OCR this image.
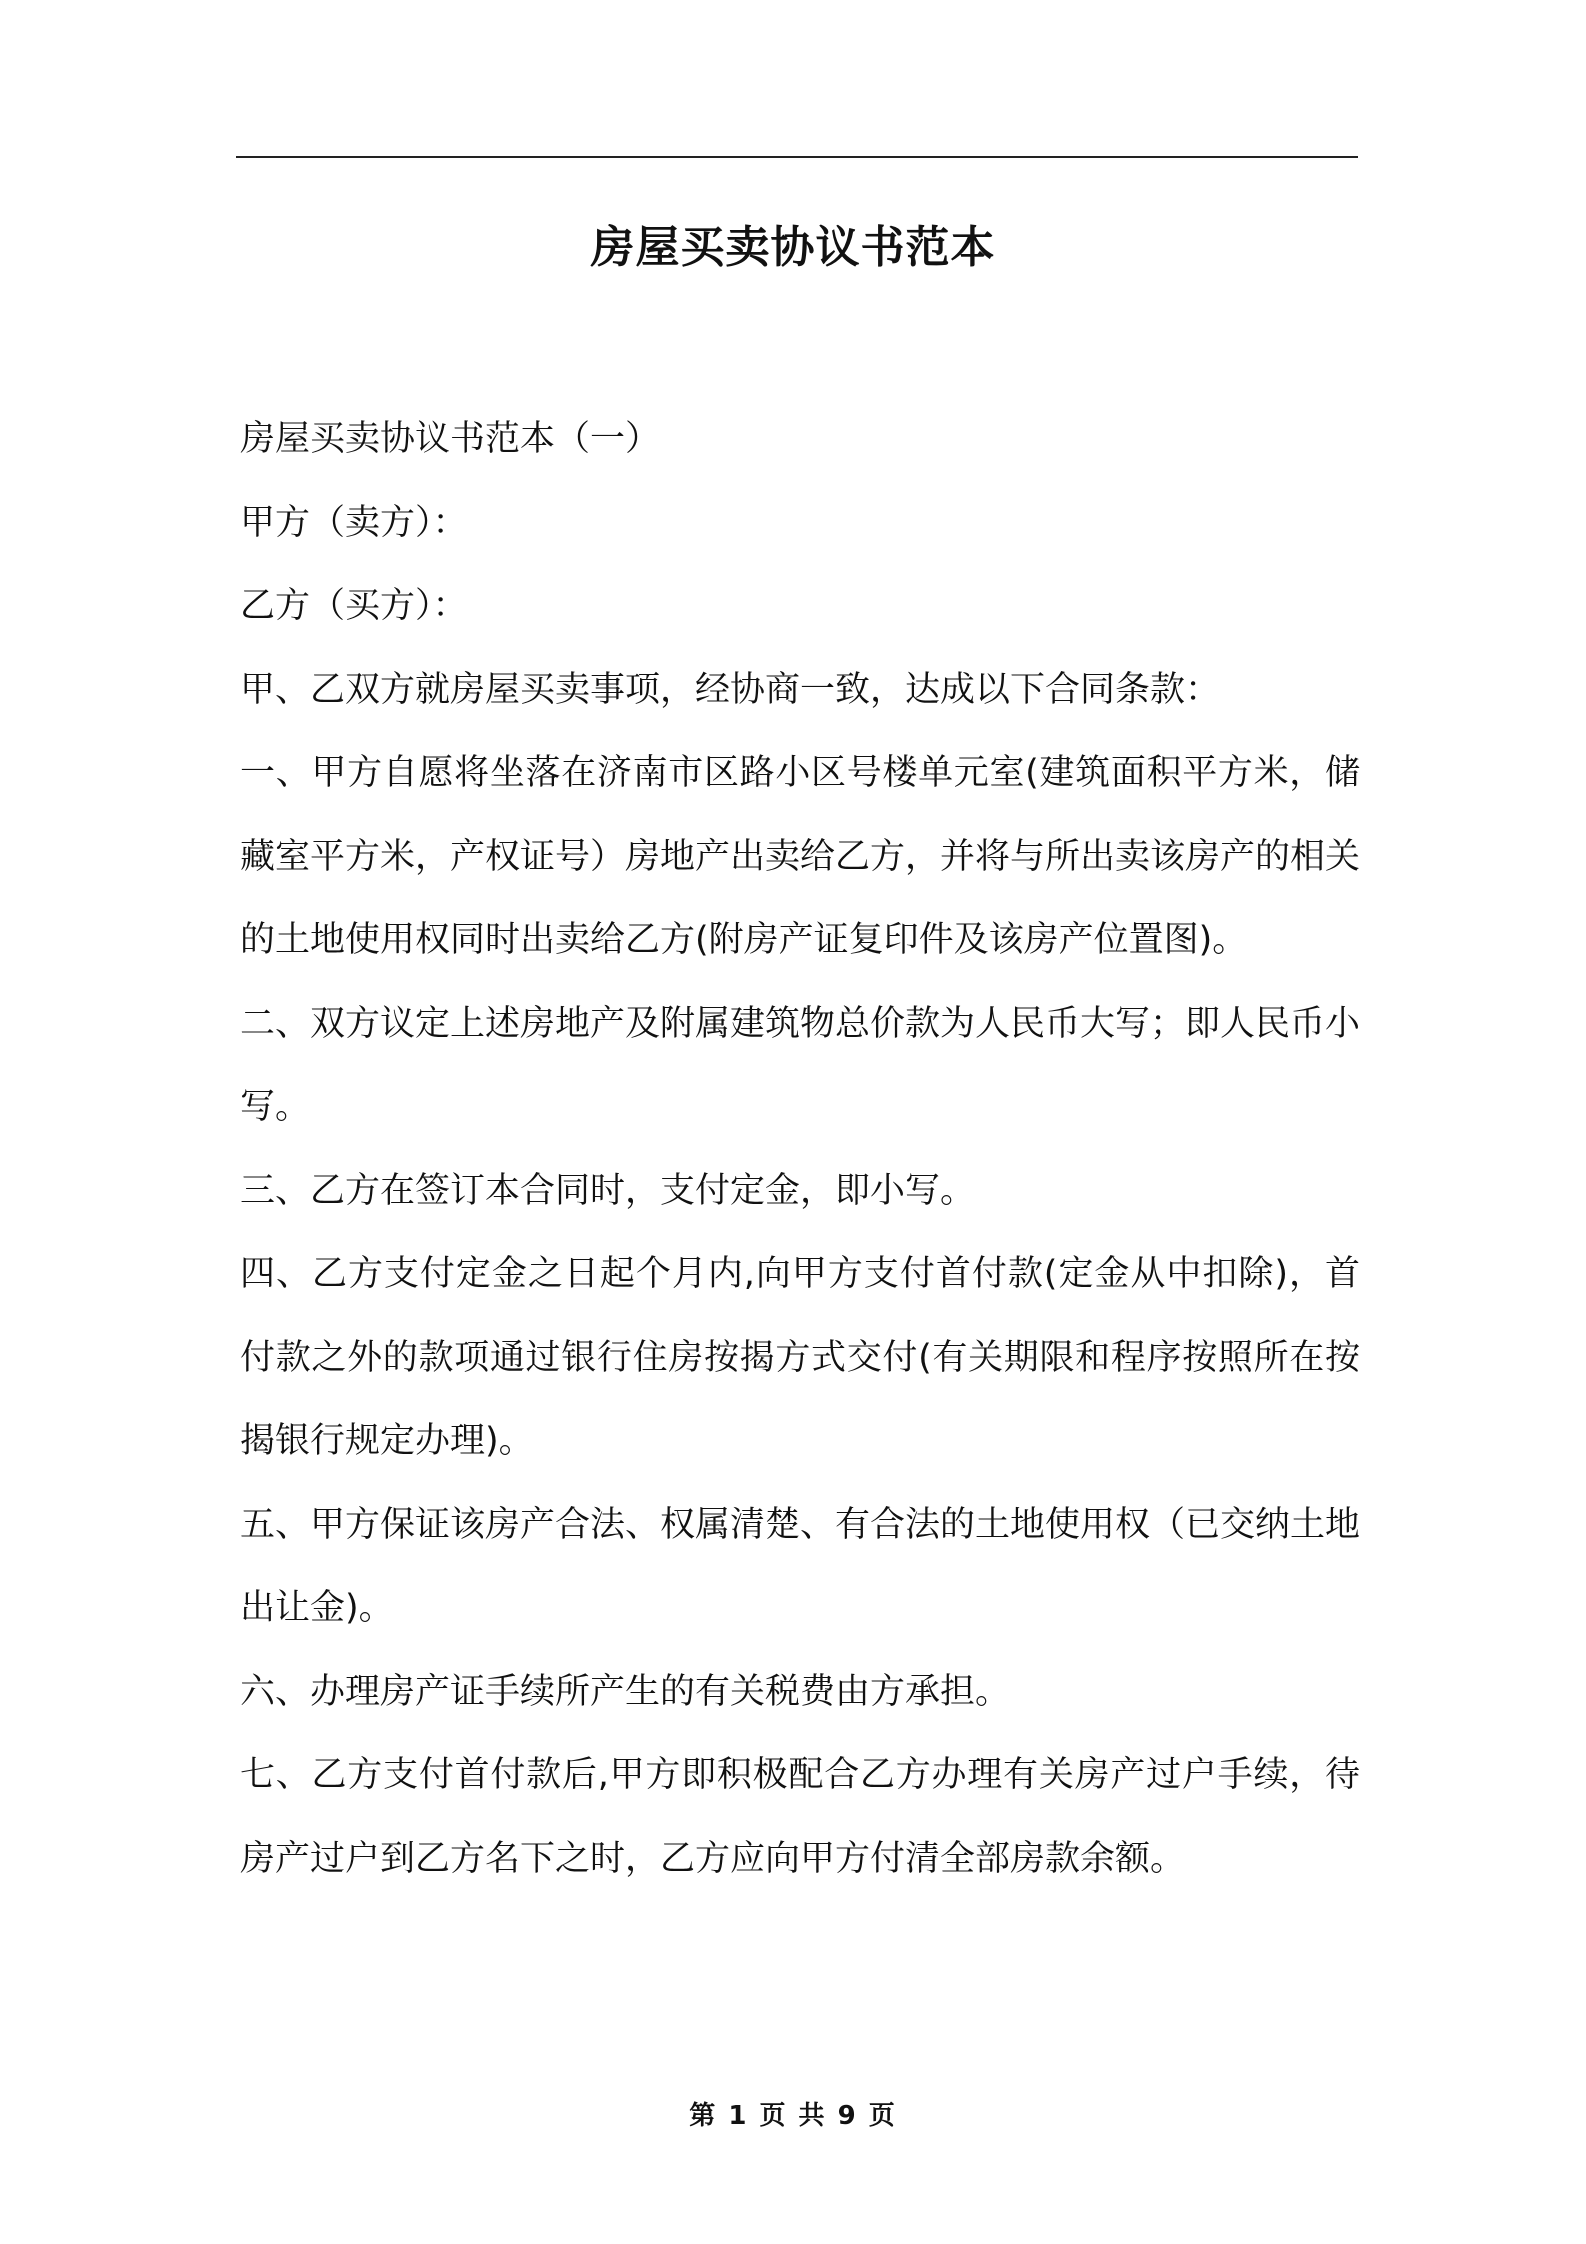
房屋买卖协议书范本

房屋买卖协议书范本（一）

甲方（卖方）：

乙方（买方）：

甲、乙双方就房屋买卖事项，经协商一致，达成以下合同条款：

一、甲方自愿将坐落在济南市区路小区号楼单元室(建筑面积平方米，储藏室平方米，产权证号）房地产出卖给乙方，并将与所出卖该房产的相关的土地使用权同时出卖给乙方(附房产证复印件及该房产位置图)。

二、双方议定上述房地产及附属建筑物总价款为人民币大写；即人民币小写。

三、乙方在签订本合同时，支付定金，即小写。

四、乙方支付定金之日起个月内,向甲方支付首付款(定金从中扣除)，首付款之外的款项通过银行住房按揭方式交付(有关期限和程序按照所在按揭银行规定办理)。

五、甲方保证该房产合法、权属清楚、有合法的土地使用权（已交纳土地出让金)。

六、办理房产证手续所产生的有关税费由方承担。

七、乙方支付首付款后,甲方即积极配合乙方办理有关房产过户手续，待房产过户到乙方名下之时，乙方应向甲方付清全部房款余额。

第 1 页 共 9 页
